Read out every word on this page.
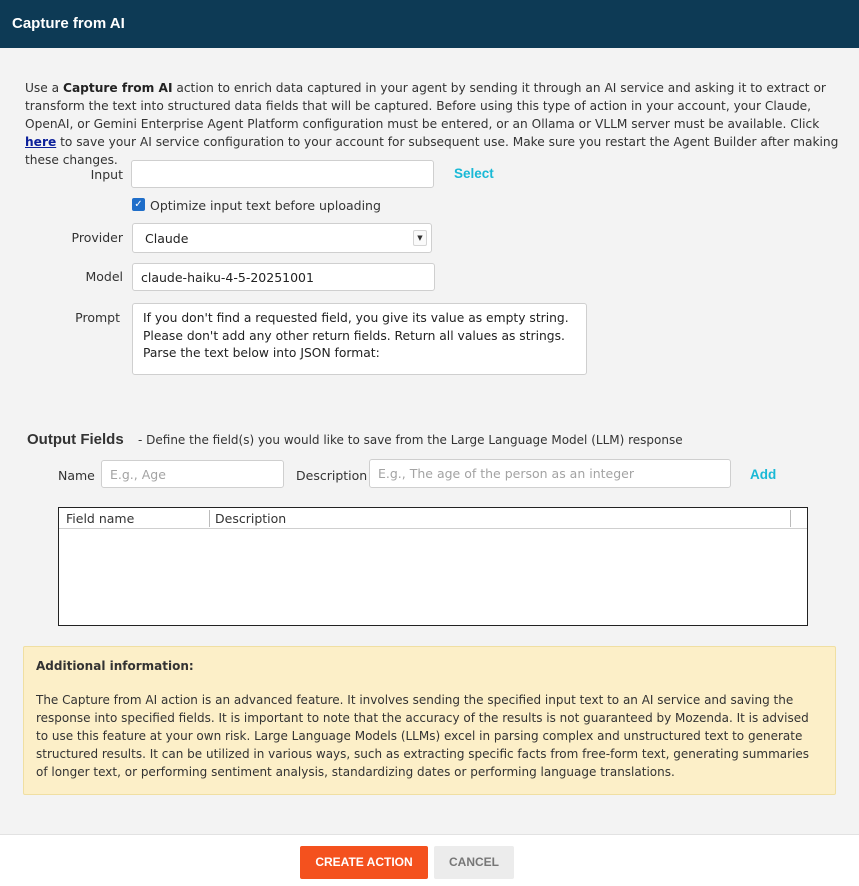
Capture from AI
Use a Capture from AI action to enrich data captured in your agent by sending it through an AI service and asking it to extract or transform the text into structured data fields that will be captured. Before using this type of action in your account, your Claude, OpenAI, or Gemini Enterprise Agent Platform configuration must be entered, or an Ollama or VLLM server must be available. Click here to save your AI service configuration to your account for subsequent use. Make sure you restart the Agent Builder after making these changes.
Input	Select
✓ Optimize input text before uploading
Provider	Claude	▼
Model
claude-haiku-4-5-20251001
Prompt
If you don't find a requested field, you give its value as empty string. Please don't add any other return fields. Return all values as strings. Parse the text below into JSON format:
Output Fields - Define the field(s) you would like to save from the Large Language Model (LLM) response
Name
E.g., Age	Description
E.g., The age of the person as an integer	Add
Field name	Description
Additional information:
The Capture from AI action is an advanced feature. It involves sending the specified input text to an AI service and saving the response into specified fields. It is important to note that the accuracy of the results is not guaranteed by Mozenda. It is advised to use this feature at your own risk. Large Language Models (LLMs) excel in parsing complex and unstructured text to generate structured results. It can be utilized in various ways, such as extracting specific facts from free-form text, generating summaries of longer text, or performing sentiment analysis, standardizing dates or performing language translations.
CREATE ACTION	CANCEL
